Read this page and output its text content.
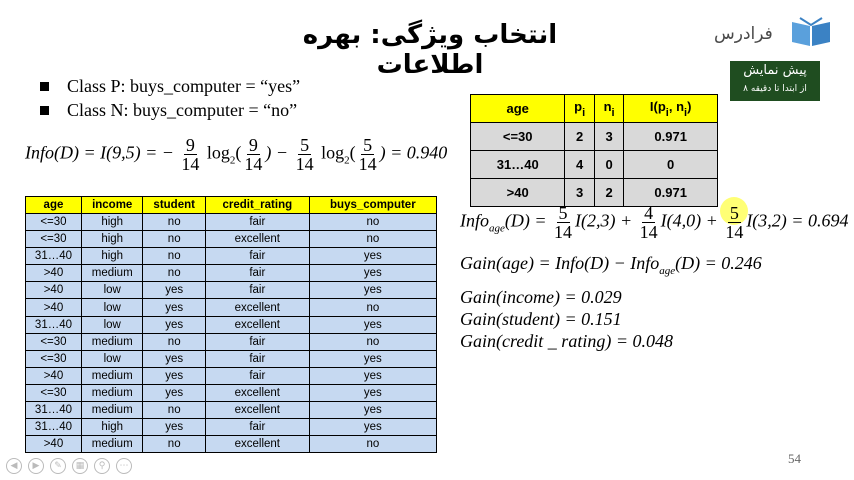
انتخاب ویژگی: بهره اطلاعات
فرادرس
پیش نمایش
از ابتدا تا دقیقه ۸
Class P: buys_computer = “yes”
Class N: buys_computer = “no”
Info(D) = I(9,5) = − $\frac{9}{14} \log_2( \frac{9}{14}$ ) − $\frac{5}{14} \log_2( \frac{5}{14}$ ) = 0.940
age	income	student	credit_rating	buys_computer
<=30	high	no	fair	no
<=30	high	no	excellent	no
31…40	high	no	fair	yes
>40	medium	no	fair	yes
>40	low	yes	fair	yes
>40	low	yes	excellent	no
31…40	low	yes	excellent	yes
<=30	medium	no	fair	no
<=30	low	yes	fair	yes
>40	medium	yes	fair	yes
<=30	medium	yes	excellent	yes
31…40	medium	no	excellent	yes
31…40	high	yes	fair	yes
>40	medium	no	excellent	no
age	$p_i$	$n_i$	$I(p_i$, $n_i$)
<=30	2	3	0.971
31…40	4	0	0
>40	3	2	0.971
Info$_{age}$(D) = $\frac{5}{14} I(2,3) + \frac{4}{14} I(4,0) + \frac{5}{14} I(3,2) = 0.694$
Gain(age) = Info(D) − Info$_{age}$(D) = 0.246
Gain(income) = 0.029
Gain(student) = 0.151
Gain(credit _ rating) = 0.048
54
◀	▶	✎	▦	⚲	⋯
